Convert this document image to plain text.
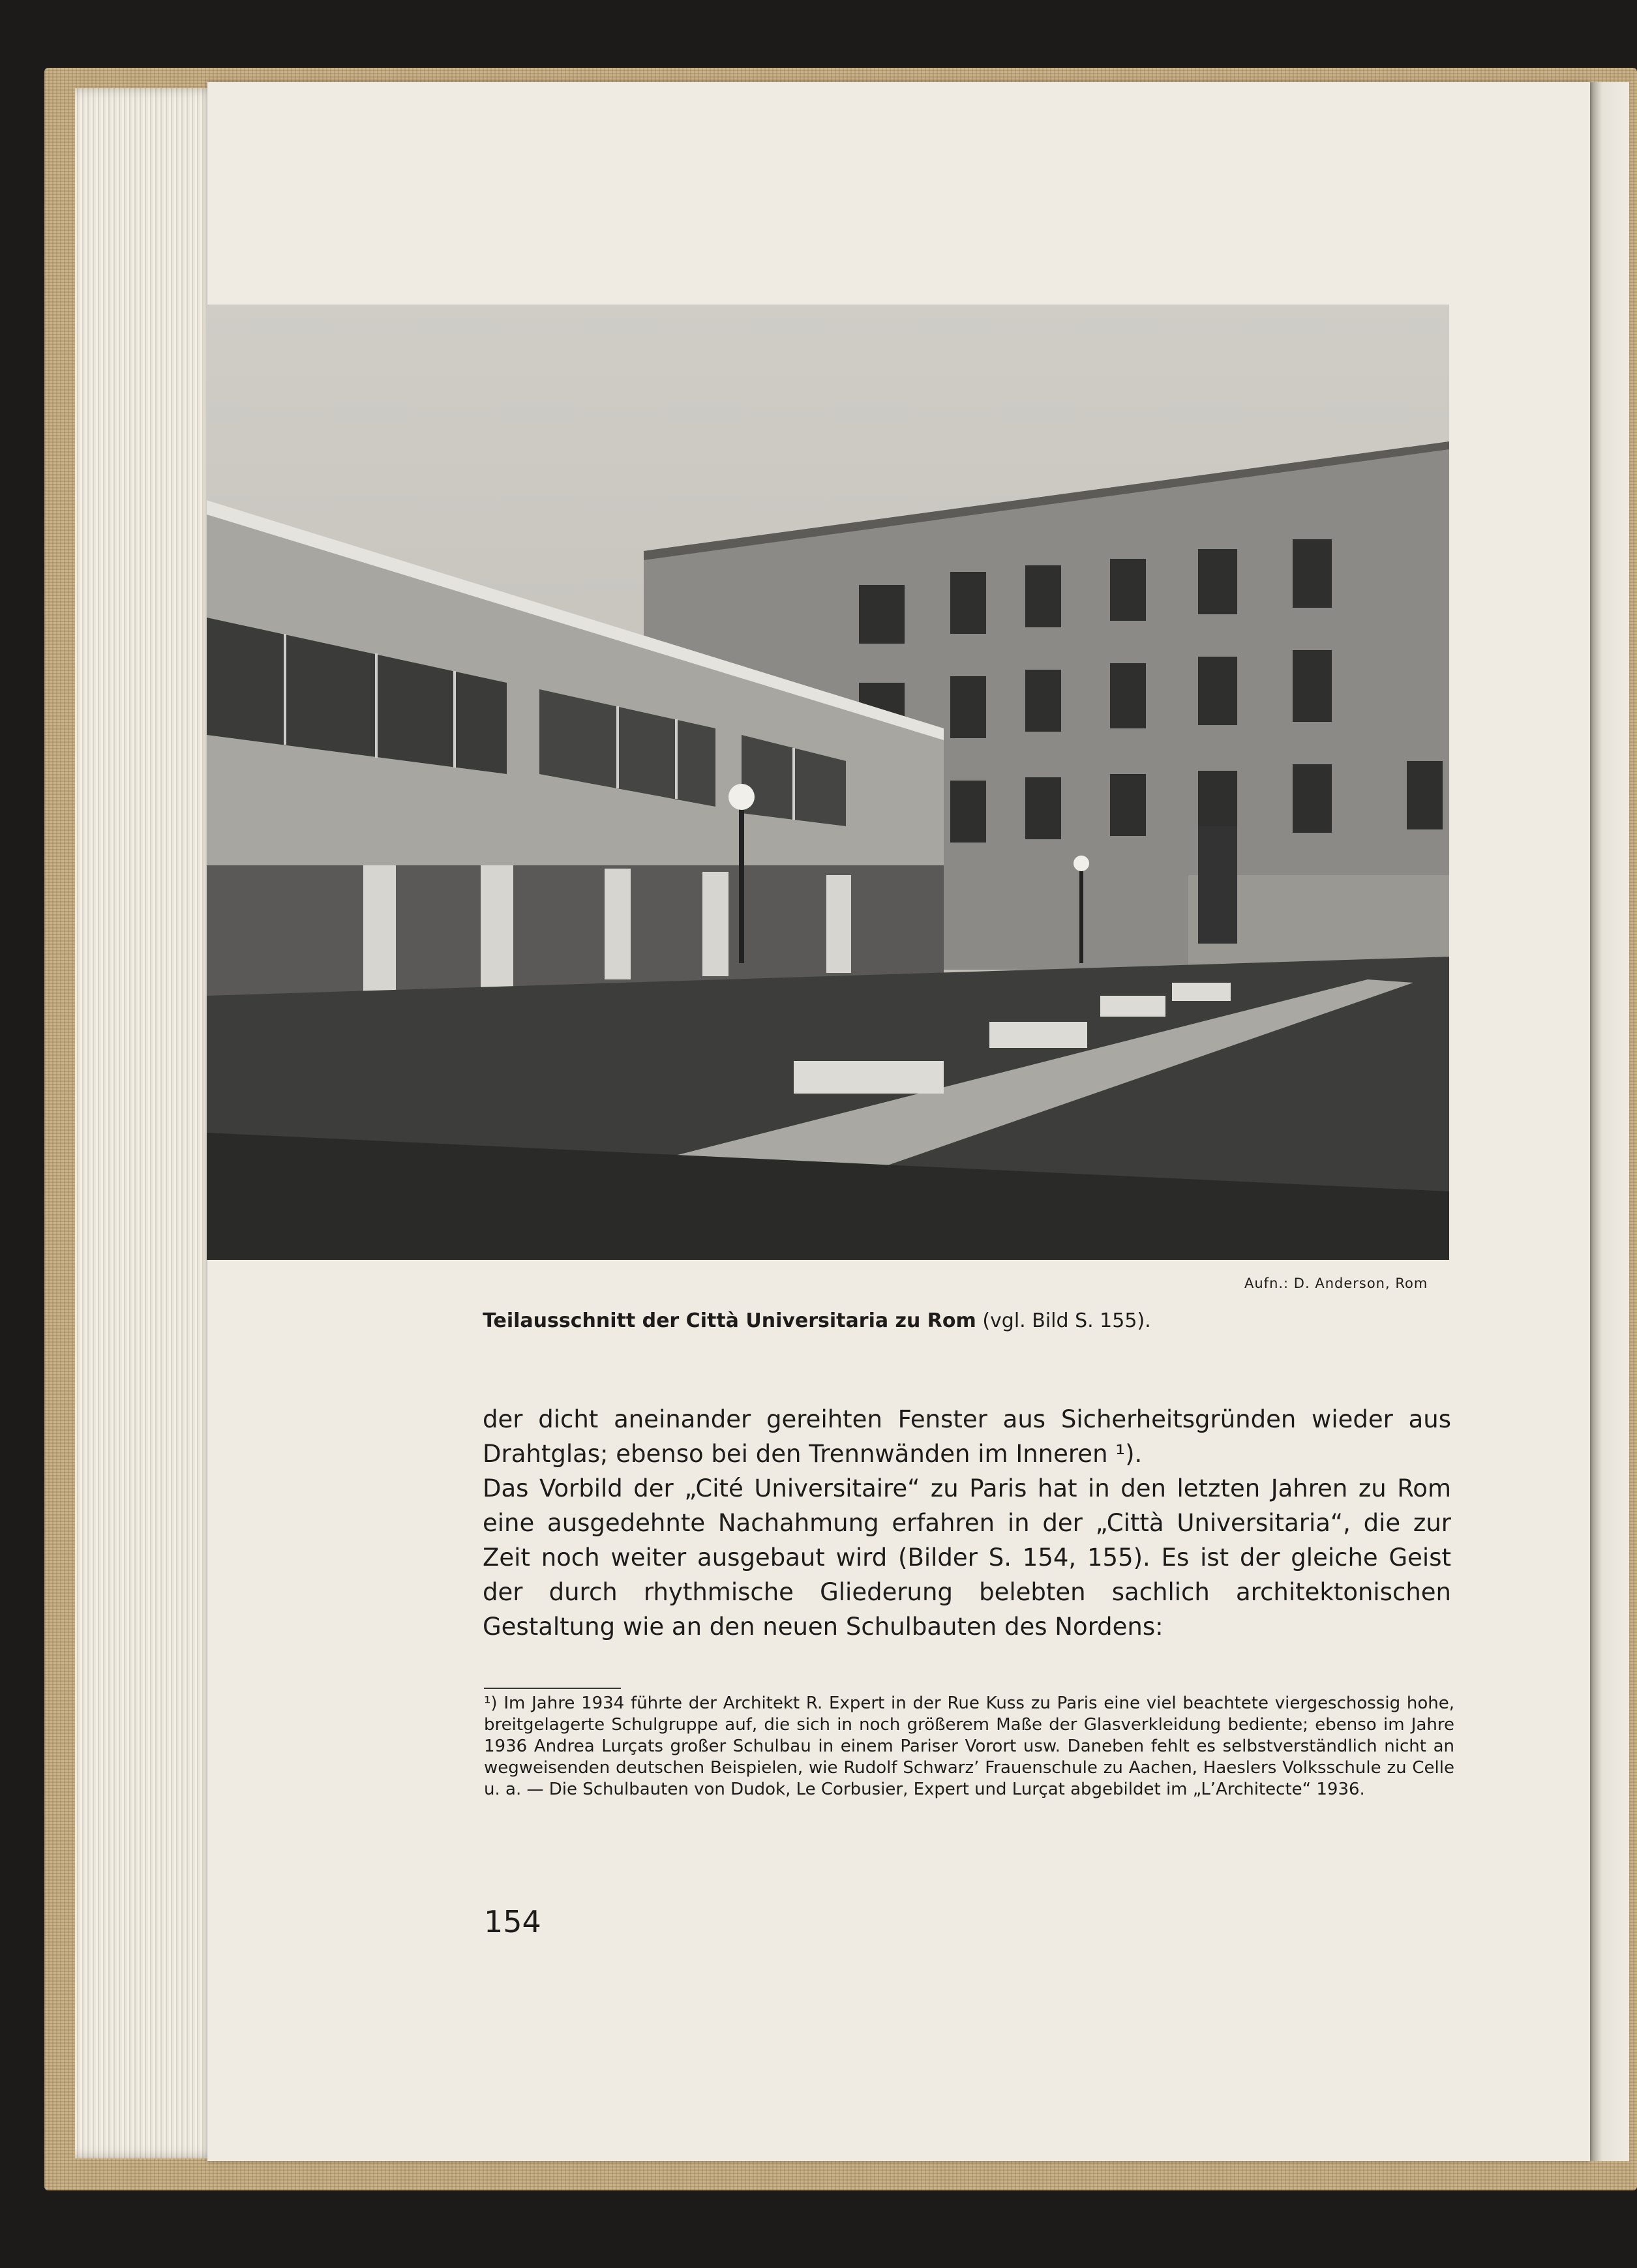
Aufn.: D. Anderson, Rom
Teilausschnitt der Città Universitaria zu Rom (vgl. Bild S. 155).

der dicht aneinander gereihten Fenster aus Sicherheitsgründen wieder aus Drahtglas; ebenso bei den Trennwänden im Inneren ¹).

Das Vorbild der „Cité Universitaire“ zu Paris hat in den letzten Jahren zu Rom eine ausgedehnte Nachahmung erfahren in der „Città Universitaria“, die zur Zeit noch weiter ausgebaut wird (Bilder S. 154, 155). Es ist der gleiche Geist der durch rhythmische Gliederung belebten sachlich architektonischen Gestaltung wie an den neuen Schulbauten des Nordens:

¹) Im Jahre 1934 führte der Architekt R. Expert in der Rue Kuss zu Paris eine viel beachtete viergeschossig hohe, breitgelagerte Schulgruppe auf, die sich in noch größerem Maße der Glasverkleidung bediente; ebenso im Jahre 1936 Andrea Lurçats großer Schulbau in einem Pariser Vorort usw. Daneben fehlt es selbstverständlich nicht an wegweisenden deutschen Beispielen, wie Rudolf Schwarz’ Frauenschule zu Aachen, Haeslers Volksschule zu Celle u. a. — Die Schulbauten von Dudok, Le Corbusier, Expert und Lurçat abgebildet im „L’Architecte“ 1936.
154
